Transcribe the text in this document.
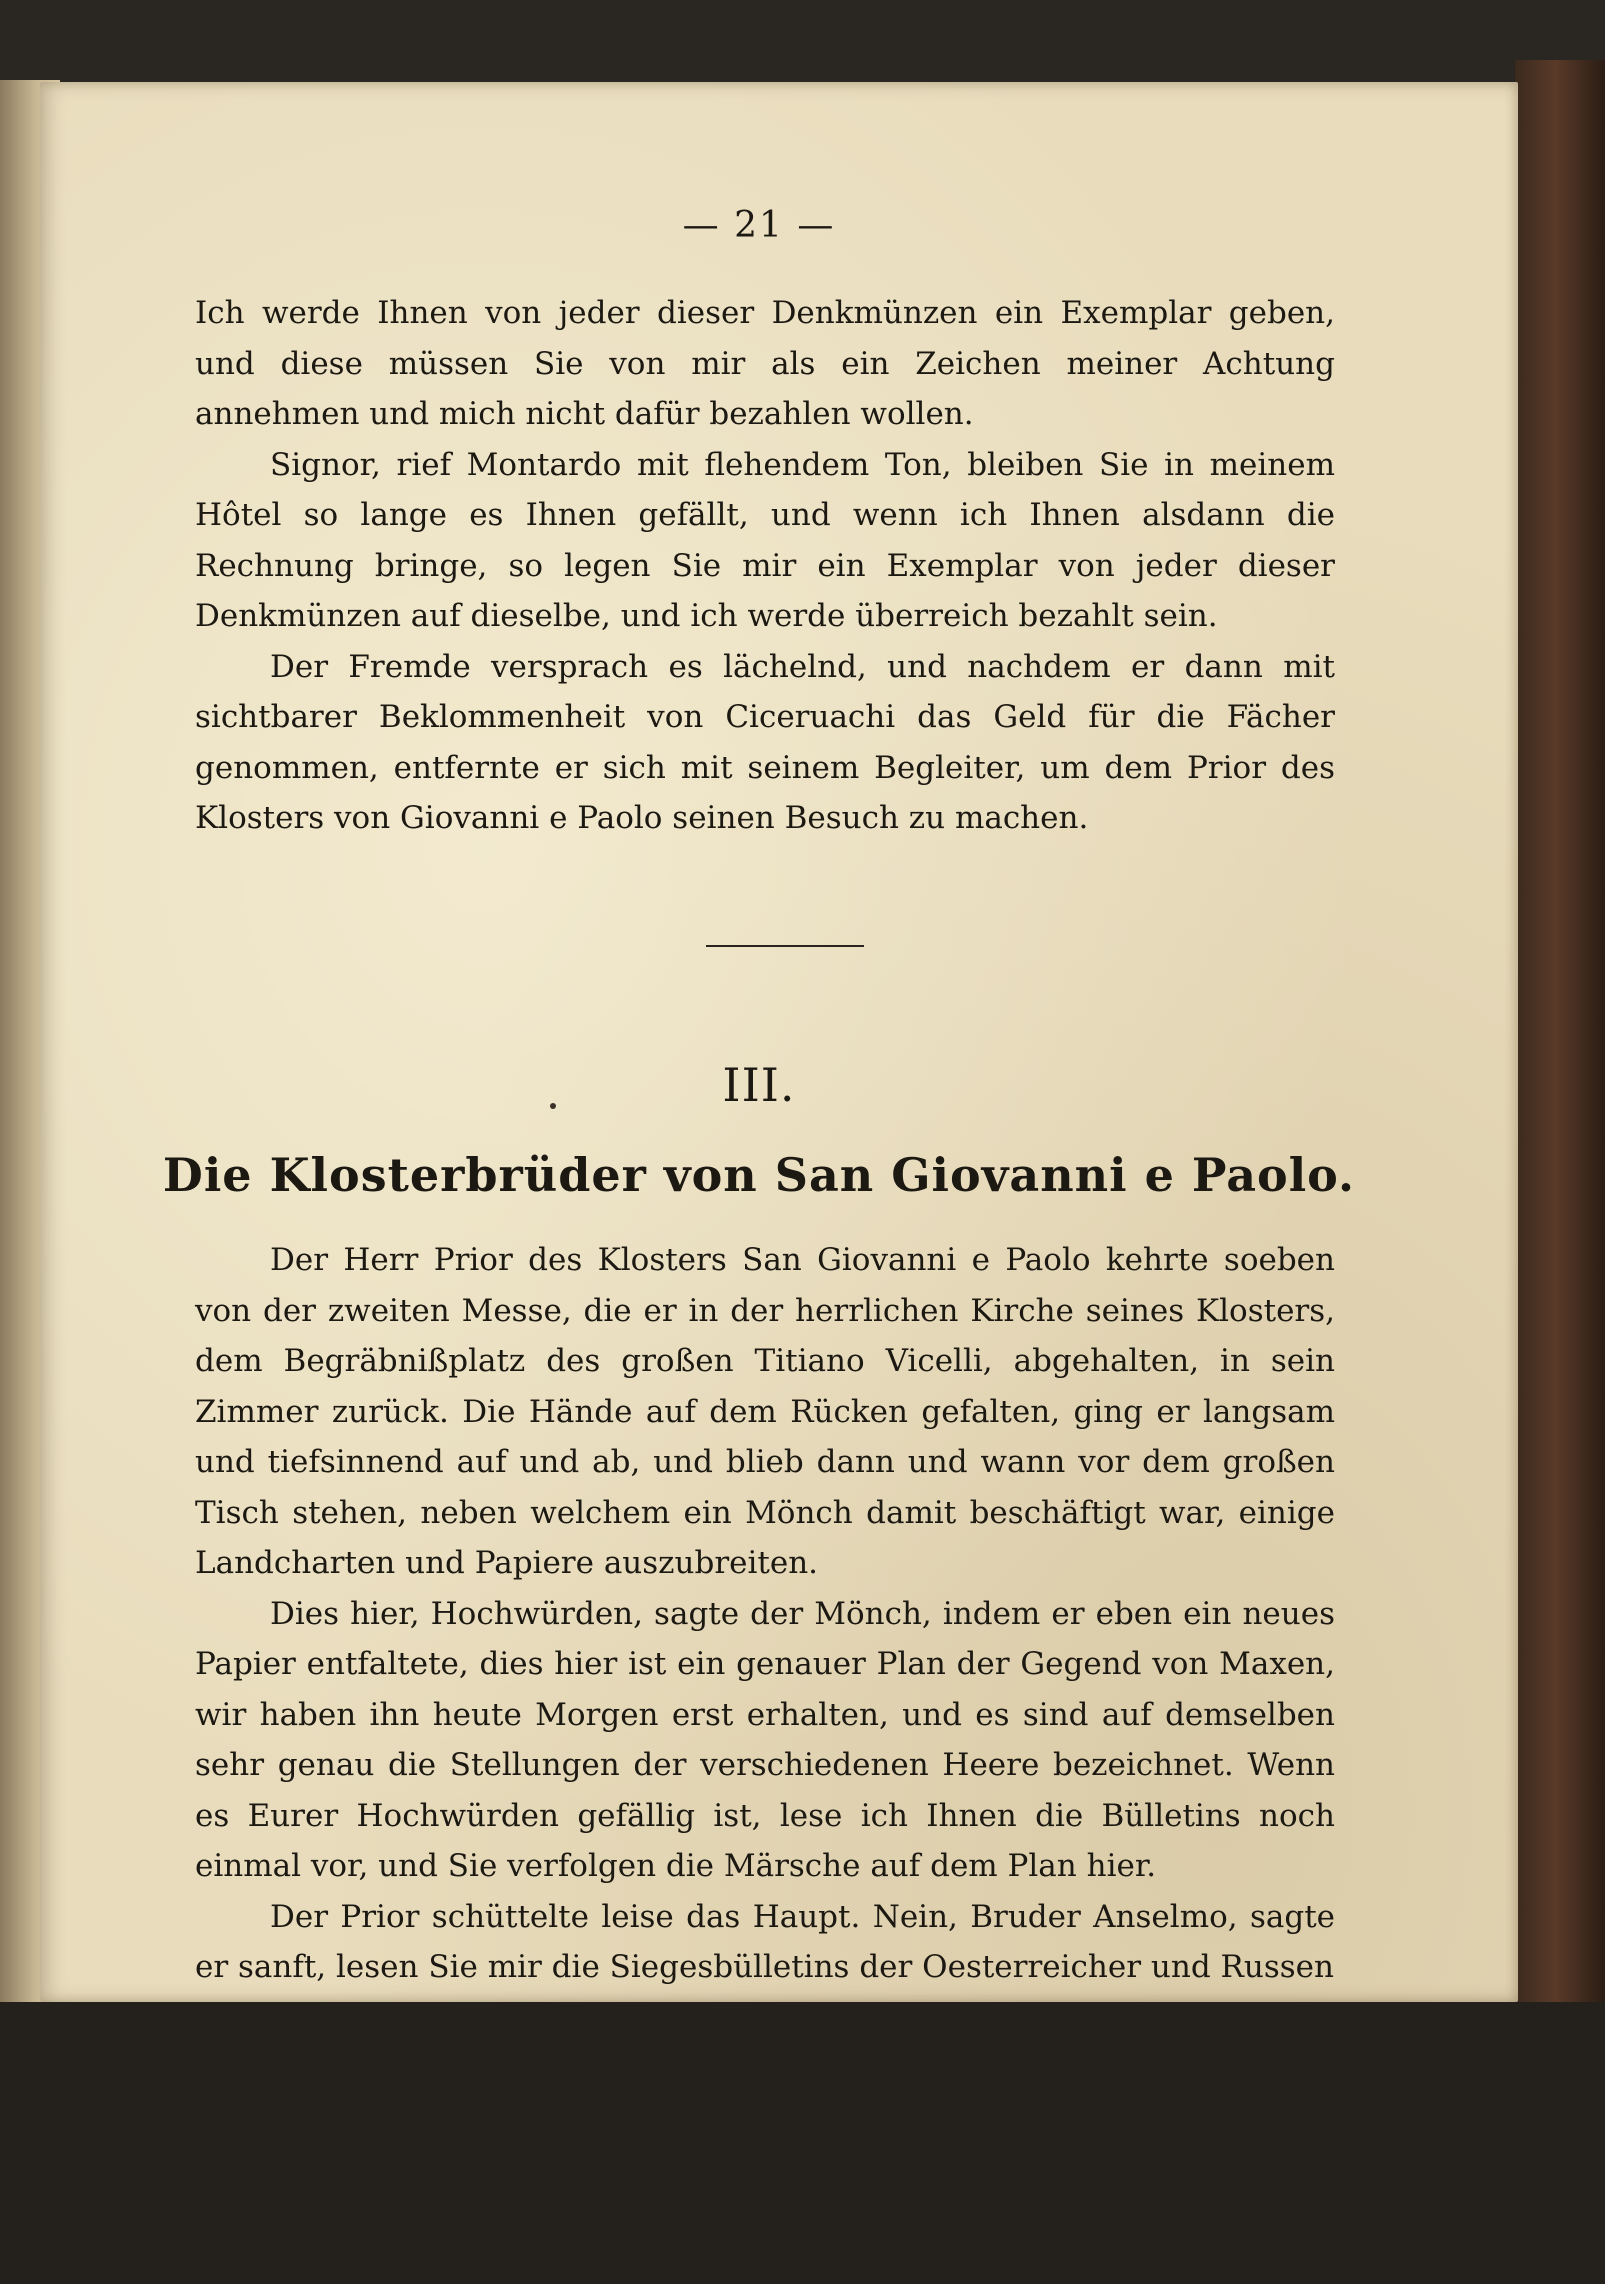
— 21 —

Ich werde Ihnen von jeder dieser Denkmünzen ein Exemplar geben, und diese müssen Sie von mir als ein Zeichen meiner Achtung annehmen und mich nicht dafür bezahlen wollen.

Signor, rief Montardo mit flehendem Ton, bleiben Sie in meinem Hôtel so lange es Ihnen gefällt, und wenn ich Ihnen alsdann die Rechnung bringe, so legen Sie mir ein Exemplar von jeder dieser Denkmünzen auf dieselbe, und ich werde überreich bezahlt sein.

Der Fremde versprach es lächelnd, und nachdem er dann mit sichtbarer Beklommenheit von Ciceruachi das Geld für die Fächer genommen, entfernte er sich mit seinem Begleiter, um dem Prior des Klosters von Giovanni e Paolo seinen Besuch zu machen.

III.
Die Klosterbrüder von San Giovanni e Paolo.

Der Herr Prior des Klosters San Giovanni e Paolo kehrte soeben von der zweiten Messe, die er in der herrlichen Kirche seines Klosters, dem Begräbnißplatz des großen Titiano Vicelli, abgehalten, in sein Zimmer zurück. Die Hände auf dem Rücken gefalten, ging er langsam und tiefsinnend auf und ab, und blieb dann und wann vor dem großen Tisch stehen, neben welchem ein Mönch damit beschäftigt war, einige Landcharten und Papiere auszubreiten.

Dies hier, Hochwürden, sagte der Mönch, indem er eben ein neues Papier entfaltete, dies hier ist ein genauer Plan der Gegend von Maxen, wir haben ihn heute Morgen erst erhalten, und es sind auf demselben sehr genau die Stellungen der verschiedenen Heere bezeichnet. Wenn es Eurer Hochwürden gefällig ist, lese ich Ihnen die Bülletins noch einmal vor, und Sie verfolgen die Märsche auf dem Plan hier.

Der Prior schüttelte leise das Haupt. Nein, Bruder Anselmo, sagte er sanft, lesen Sie mir die Siegesbülletins der Oesterreicher und Russen
